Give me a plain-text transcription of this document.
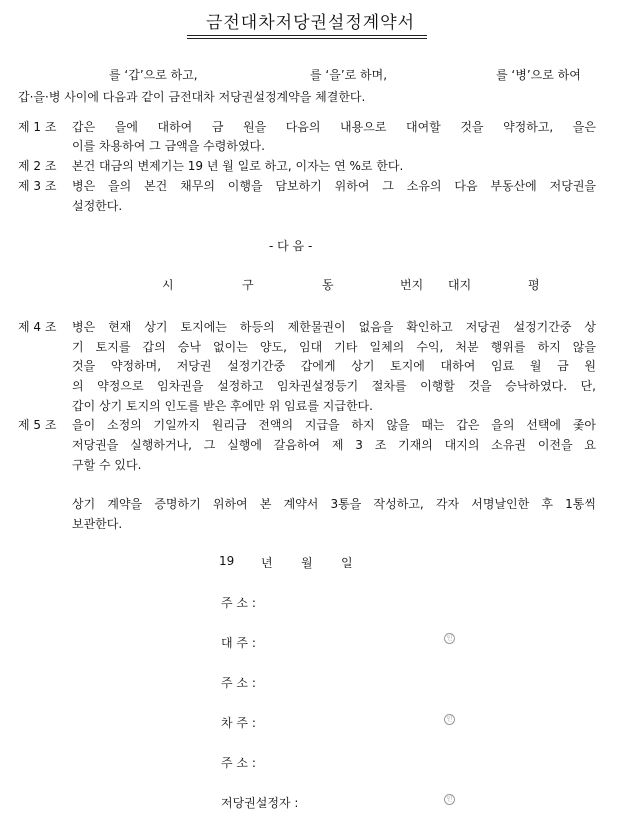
금전대차저당권설정계약서
를 ‘갑’으로 하고,	를 ‘을’로 하며,	를 ‘병’으로 하여
갑·을·병 사이에 다음과 같이 금전대차 저당권설정계약을 체결한다.
제 1 조 갑은 을에 대하여 금 원을 다음의 내용으로 대여할 것을 약정하고, 을은
이를 차용하여 그 금액을 수령하였다.
제 2 조 본건 대금의 변제기는 19 년 월 일로 하고, 이자는 연 %로 한다.
제 3 조 병은 을의 본건 채무의 이행을 담보하기 위하여 그 소유의 다음 부동산에 저당권을
설정한다.
- 다 음 -
시	구	동	번지 대지	평
제 4 조 병은 현재 상기 토지에는 하등의 제한물권이 없음을 확인하고 저당권 설정기간중 상
기 토지를 갑의 승낙 없이는 양도, 임대 기타 일체의 수익, 처분 행위를 하지 않을
것을 약정하며, 저당권 설정기간중 갑에게 상기 토지에 대하여 임료 월 금 원
의 약정으로 임차권을 설정하고 임차권설정등기 절차를 이행할 것을 승낙하였다. 단,
갑이 상기 토지의 인도를 받은 후에만 위 임료를 지급한다.
제 5 조 을이 소정의 기일까지 원리금 전액의 지급을 하지 않을 때는 갑은 을의 선택에 좇아
저당권을 실행하거나, 그 실행에 갈음하여 제 3 조 기재의 대지의 소유권 이전을 요
구할 수 있다.
상기 계약을 증명하기 위하여 본 계약서 3통을 작성하고, 각자 서명날인한 후 1통씩
보관한다.
19 년 월 일
주 소 :
대 주 :	인
주 소 :
차 주 :	인
주 소 :
저당권설정자 :	인
